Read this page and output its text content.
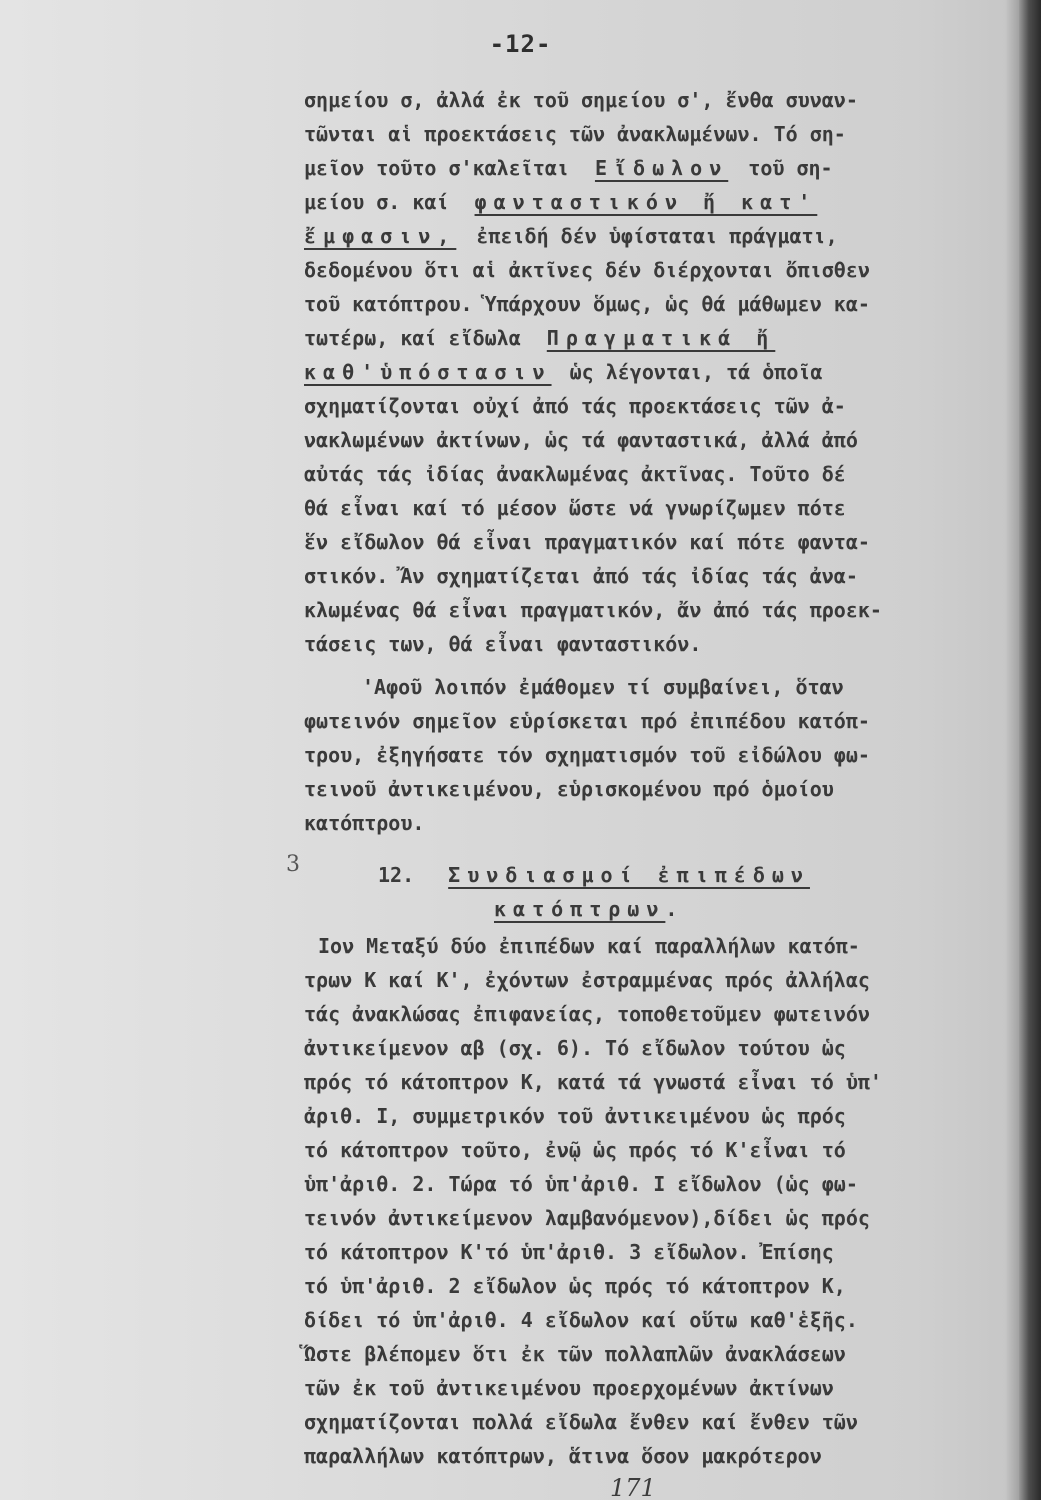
-12-
σημείου σ, ἀλλά ἐκ τοῦ σημείου σ', ἔνθα συναν-
τῶνται αἱ προεκτάσεις τῶν ἀνακλωμένων. Τό ση-
μεῖον τοῦτο σ'καλεῖται Εἴδωλον τοῦ ση-
μείου σ. καί φανταστικόν ἤ κατ'
ἔμφασιν, ἐπειδή δέν ὑφίσταται πράγματι,
δεδομένου ὅτι αἱ ἀκτῖνες δέν διέρχονται ὄπισθεν
τοῦ κατόπτρου. Ὑπάρχουν ὅμως, ὡς θά μάθωμεν κα-
τωτέρω, καί εἴδωλα Πραγματικά ἤ
καθ'ὑπόστασιν ὡς λέγονται, τά ὁποῖα
σχηματίζονται οὐχί ἀπό τάς προεκτάσεις τῶν ἀ-
νακλωμένων ἀκτίνων, ὡς τά φανταστικά, ἀλλά ἀπό
αὐτάς τάς ἰδίας ἀνακλωμένας ἀκτῖνας. Τοῦτο δέ
θά εἶναι καί τό μέσον ὥστε νά γνωρίζωμεν πότε
ἕν εἴδωλον θά εἶναι πραγματικόν καί πότε φαντα-
στικόν. Ἄν σχηματίζεται ἀπό τάς ἰδίας τάς ἀνα-
κλωμένας θά εἶναι πραγματικόν, ἄν ἀπό τάς προεκ-
τάσεις των, θά εἶναι φανταστικόν.
'Αφοῦ λοιπόν ἐμάθομεν τί συμβαίνει, ὅταν
φωτεινόν σημεῖον εὑρίσκεται πρό ἐπιπέδου κατόπ-
τρου, ἐξηγήσατε τόν σχηματισμόν τοῦ εἰδώλου φω-
τεινοῦ ἀντικειμένου, εὑρισκομένου πρό ὁμοίου
κατόπτρου.
12. Συνδιασμοί ἐπιπέδων
κατόπτρων.
Ιον Μεταξύ δύο ἐπιπέδων καί παραλλήλων κατόπ-
τρων Κ καί Κ', ἐχόντων ἐστραμμένας πρός ἀλλήλας
τάς ἀνακλώσας ἐπιφανείας, τοποθετοῦμεν φωτεινόν
ἀντικείμενον αβ (σχ. 6). Τό εἴδωλον τούτου ὡς
πρός τό κάτοπτρον Κ, κατά τά γνωστά εἶναι τό ὑπ'
ἀριθ. Ι, συμμετρικόν τοῦ ἀντικειμένου ὡς πρός
τό κάτοπτρον τοῦτο, ἐνῷ ὡς πρός τό Κ'εἶναι τό
ὑπ'ἀριθ. 2. Τώρα τό ὑπ'ἀριθ. Ι εἴδωλον (ὡς φω-
τεινόν ἀντικείμενον λαμβανόμενον),δίδει ὡς πρός
τό κάτοπτρον Κ'τό ὑπ'ἀριθ. 3 εἴδωλον. Ἐπίσης
τό ὑπ'ἀριθ. 2 εἴδωλον ὡς πρός τό κάτοπτρον Κ,
δίδει τό ὑπ'ἀριθ. 4 εἴδωλον καί οὕτω καθ'ἑξῆς.
Ὥστε βλέπομεν ὅτι ἐκ τῶν πολλαπλῶν ἀνακλάσεων
τῶν ἐκ τοῦ ἀντικειμένου προερχομένων ἀκτίνων
σχηματίζονται πολλά εἴδωλα ἔνθεν καί ἔνθεν τῶν
παραλλήλων κατόπτρων, ἅτινα ὅσον μακρότερον
3
171
